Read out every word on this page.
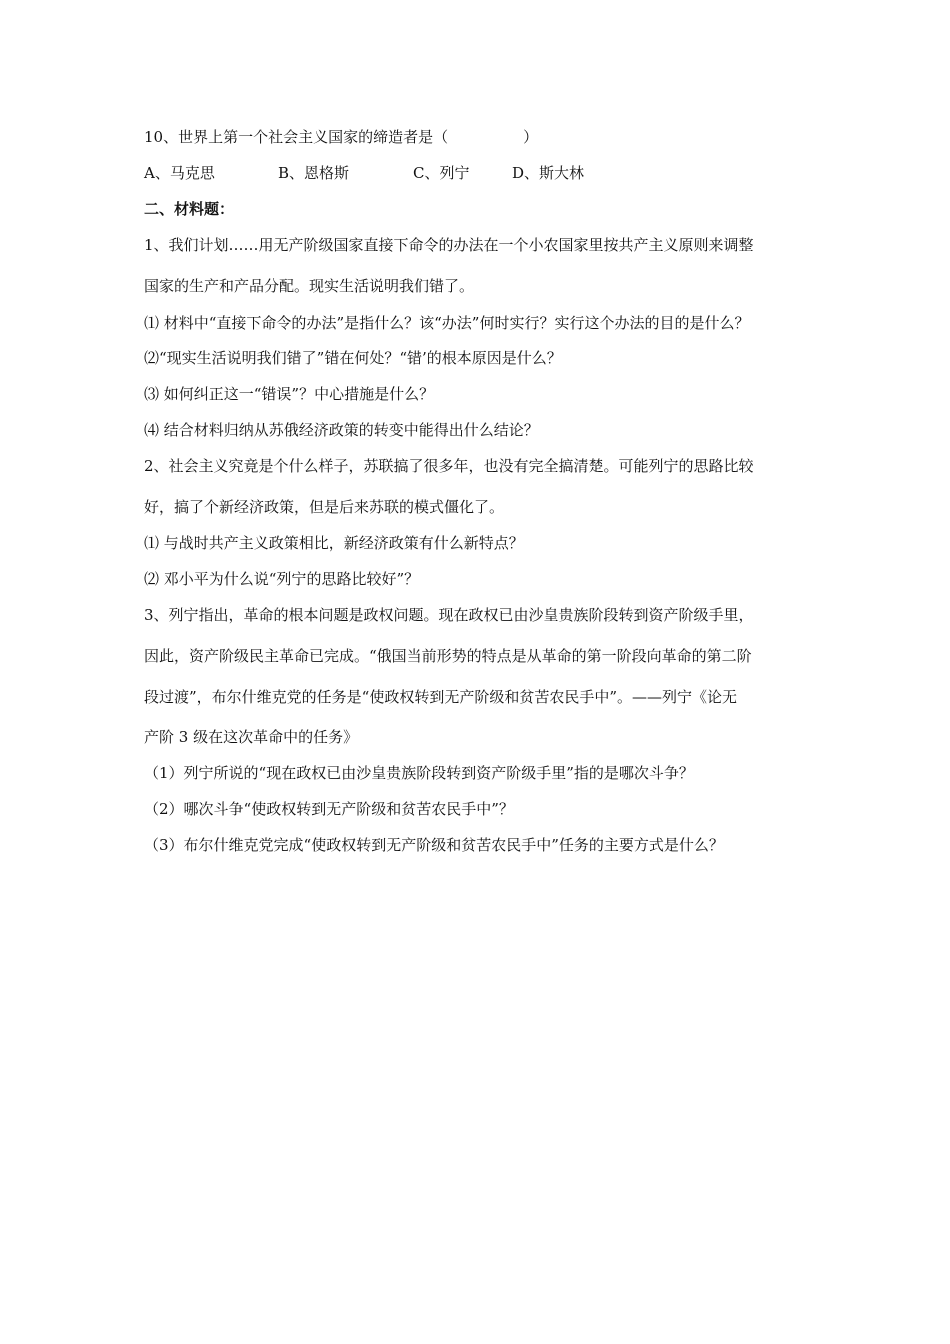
10、世界上第一个社会主义国家的缔造者是（　　　　　）
A、马克思	B、恩格斯	C、列宁	D、斯大林
二、材料题：
1、我们计划……用无产阶级国家直接下命令的办法在一个小农国家里按共产主义原则来调整
国家的生产和产品分配。现实生活说明我们错了。
⑴ 材料中“直接下命令的办法”是指什么？该“办法”何时实行？实行这个办法的目的是什么？
⑵“现实生活说明我们错了”错在何处？“错’的根本原因是什么？
⑶ 如何纠正这一“错误”？中心措施是什么？
⑷ 结合材料归纳从苏俄经济政策的转变中能得出什么结论？
2、社会主义究竟是个什么样子，苏联搞了很多年，也没有完全搞清楚。可能列宁的思路比较
好，搞了个新经济政策，但是后来苏联的模式僵化了。
⑴ 与战时共产主义政策相比，新经济政策有什么新特点？
⑵ 邓小平为什么说“列宁的思路比较好”？
3、列宁指出，革命的根本问题是政权问题。现在政权已由沙皇贵族阶段转到资产阶级手里，
因此，资产阶级民主革命已完成。“俄国当前形势的特点是从革命的第一阶段向革命的第二阶
段过渡”，布尔什维克党的任务是“使政权转到无产阶级和贫苦农民手中”。——列宁《论无
产阶 3 级在这次革命中的任务》
（1）列宁所说的“现在政权已由沙皇贵族阶段转到资产阶级手里”指的是哪次斗争？
（2）哪次斗争“使政权转到无产阶级和贫苦农民手中”？
（3）布尔什维克党完成“使政权转到无产阶级和贫苦农民手中”任务的主要方式是什么？
